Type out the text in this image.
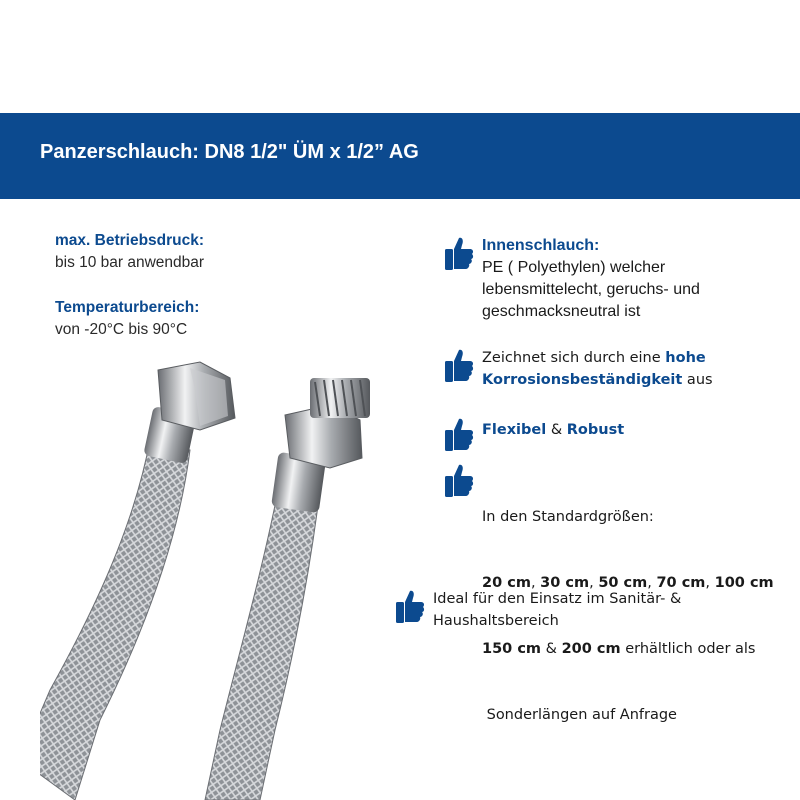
Panzerschlauch: DN8 1/2" ÜM x 1/2” AG
max. Betriebsdruck:
bis 10 bar anwendbar
Temperaturbereich:
von -20°C bis 90°C
Innenschlauch:
PE ( Polyethylen) welcher
lebensmittelecht, geruchs- und
geschmacksneutral ist
Zeichnet sich durch eine hohe
Korrosionsbeständigkeit aus
Flexibel & Robust

In den Standardgrößen:

20 cm, 30 cm, 50 cm, 70 cm, 100 cm

150 cm & 200 cm erhältlich oder als

Sonderlängen auf Anfrage

Ideal für den Einsatz im Sanitär- &
Haushaltsbereich
